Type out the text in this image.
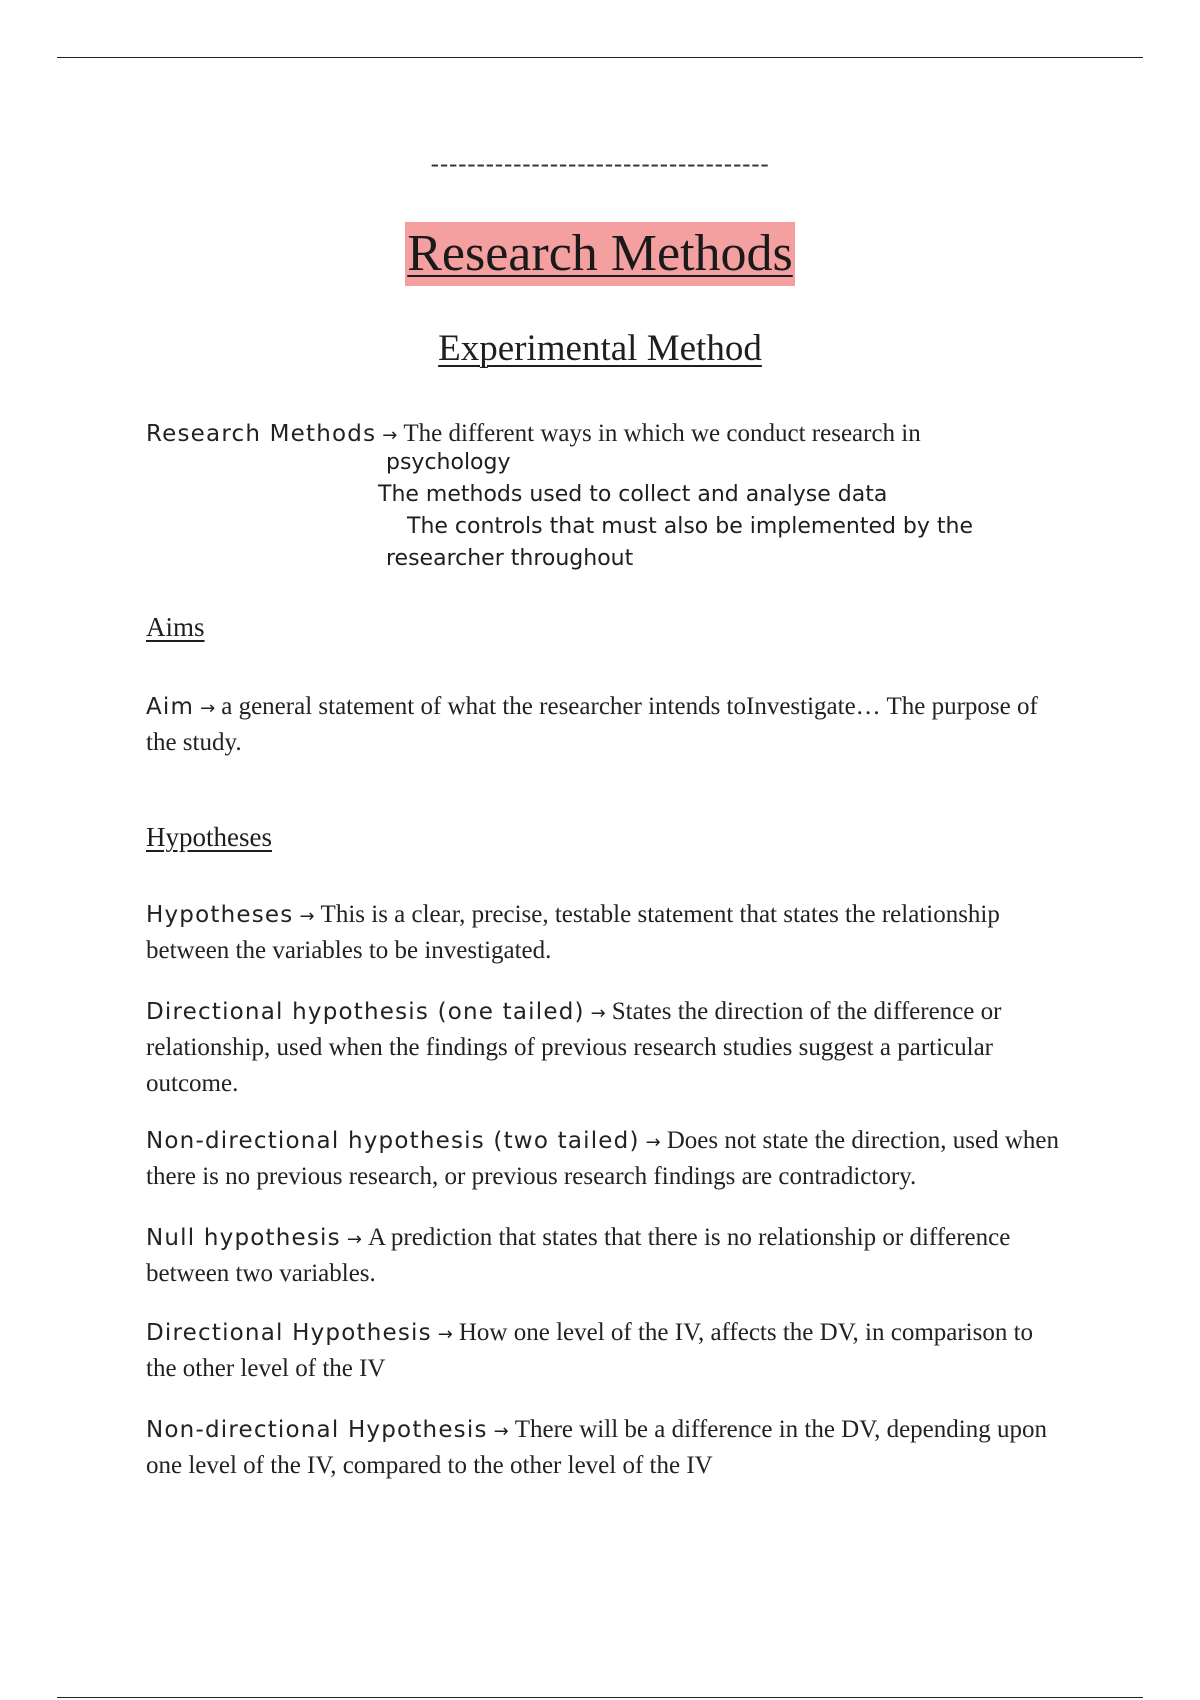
-------------------------------------
Research Methods
Experimental Method
Research Methods → The different ways in which we conduct research in
psychology
The methods used to collect and analyse data
The controls that must also be implemented by the
researcher throughout
Aims
Aim → a general statement of what the researcher intends toInvestigate… The purpose of the study.
Hypotheses
Hypotheses → This is a clear, precise, testable statement that states the relationship between the variables to be investigated.
Directional hypothesis (one tailed) → States the direction of the difference or relationship, used when the findings of previous research studies suggest a particular outcome.
Non-directional hypothesis (two tailed) → Does not state the direction, used when there is no previous research, or previous research findings are contradictory.
Null hypothesis → A prediction that states that there is no relationship or difference between two variables.
Directional Hypothesis → How one level of the IV, affects the DV, in comparison to the other level of the IV
Non-directional Hypothesis → There will be a difference in the DV, depending upon one level of the IV, compared to the other level of the IV
